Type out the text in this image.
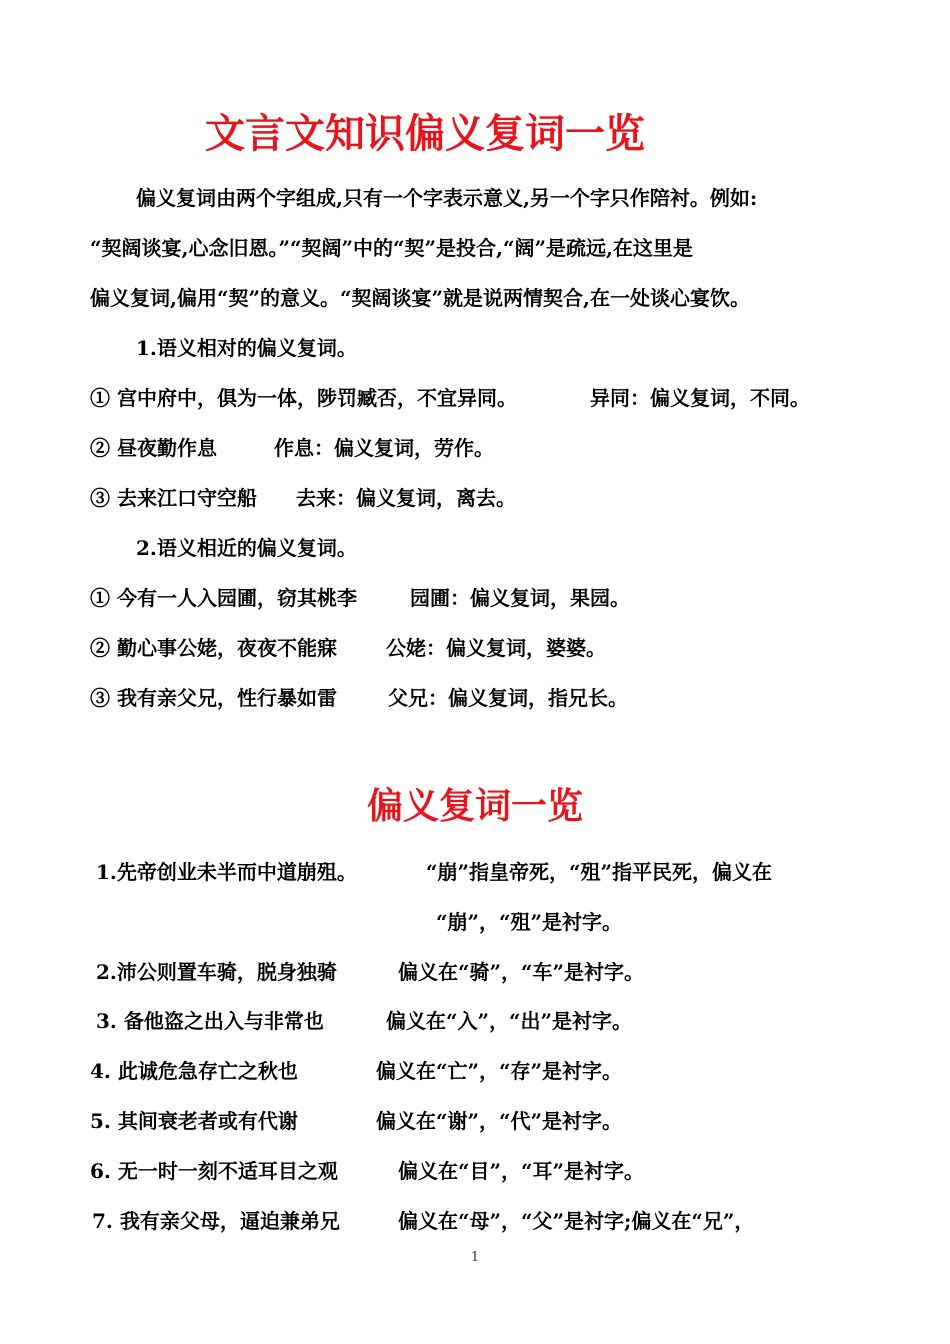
文言文知识偏义复词一览

偏义复词由两个字组成,只有一个字表示意义,另一个字只作陪衬。例如:

“契阔谈宴,心念旧恩。”“契阔”中的“契”是投合,“阔”是疏远,在这里是

偏义复词,偏用“契”的意义。“契阔谈宴”就是说两情契合,在一处谈心宴饮。

1.语义相对的偏义复词。

① 宫中府中，俱为一体，陟罚臧否，不宜异同。	异同：偏义复词，不同。
② 昼夜勤作息	作息：偏义复词，劳作。
③ 去来江口守空船 去来：偏义复词，离去。

2.语义相近的偏义复词。

① 今有一人入园圃，窃其桃李	园圃：偏义复词，果园。
② 勤心事公姥，夜夜不能寐 公姥：偏义复词，婆婆。
③ 我有亲父兄，性行暴如雷	父兄：偏义复词，指兄长。
偏义复词一览
1.先帝创业未半而中道崩殂。	“崩”指皇帝死，“殂”指平民死，偏义在
“崩”，“殂”是衬字。
2.沛公则置车骑，脱身独骑	偏义在“骑”，“车”是衬字。
3. 备他盗之出入与非常也	偏义在“入”，“出”是衬字。
4. 此诚危急存亡之秋也	偏义在“亡”，“存”是衬字。
5. 其间衰老者或有代谢	偏义在“谢”，“代”是衬字。
6. 无一时一刻不适耳目之观	偏义在“目”，“耳”是衬字。
7. 我有亲父母，逼迫兼弟兄	偏义在“母”，“父”是衬字;偏义在“兄”，
1
